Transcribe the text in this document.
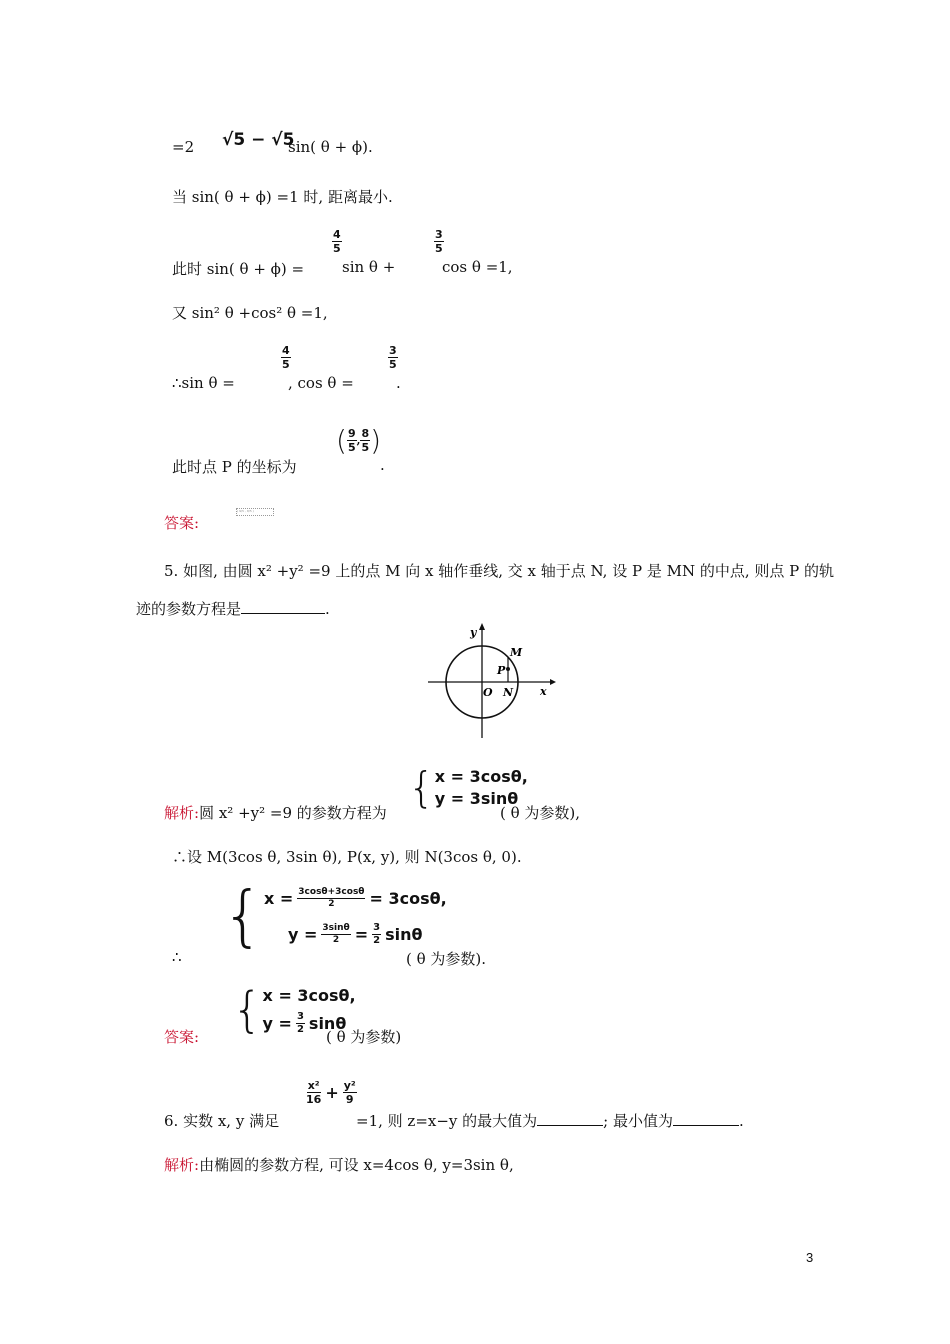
=2 √5 − √5
sin( θ + ϕ).
当 sin( θ + ϕ) =1 时, 距离最小.
此时 sin( θ + ϕ) =
$\frac{4}{5}$
sin θ +
$\frac{3}{5}$
cos θ =1,
又 sin² θ +cos² θ =1,
∴sin θ =
$\frac{4}{5}$
, cos θ =
$\frac{3}{5}$
.
此时点 P 的坐标为
( $\frac{9}{5}$ , $\frac{8}{5}$ )
.
答案:
( 9/5 , 8/5 )
5. 如图, 由圆 x² +y² =9 上的点 M 向 x 轴作垂线, 交 x 轴于点 N, 设 P 是 MN 的中点, 则点 P 的轨
迹的参数方程是	.
y
x
O N
M
P
解析:圆 x² +y² =9 的参数方程为
{ x = 3cosθ,
y = 3sinθ
( θ 为参数),
∴设 M(3cos θ, 3sin θ), P(x, y), 则 N(3cos θ, 0).
∴
{ $x = \frac{3\cos\theta+3\cos\theta}{2} = 3\cos\theta$,
$y = \frac{3\sin\theta}{2} = \frac{3}{2}$ sinθ
( θ 为参数).
答案: { x = 3cosθ,
$y = \frac{3}{2}$ sinθ
( θ 为参数)
6. 实数 x, y 满足
$\frac{\text{x²}}{16} + \frac{\text{y²}}{9}$
=1, 则 z=x−y 的最大值为	; 最小值为	.
解析:由椭圆的参数方程, 可设 x=4cos θ, y=3sin θ,
3
